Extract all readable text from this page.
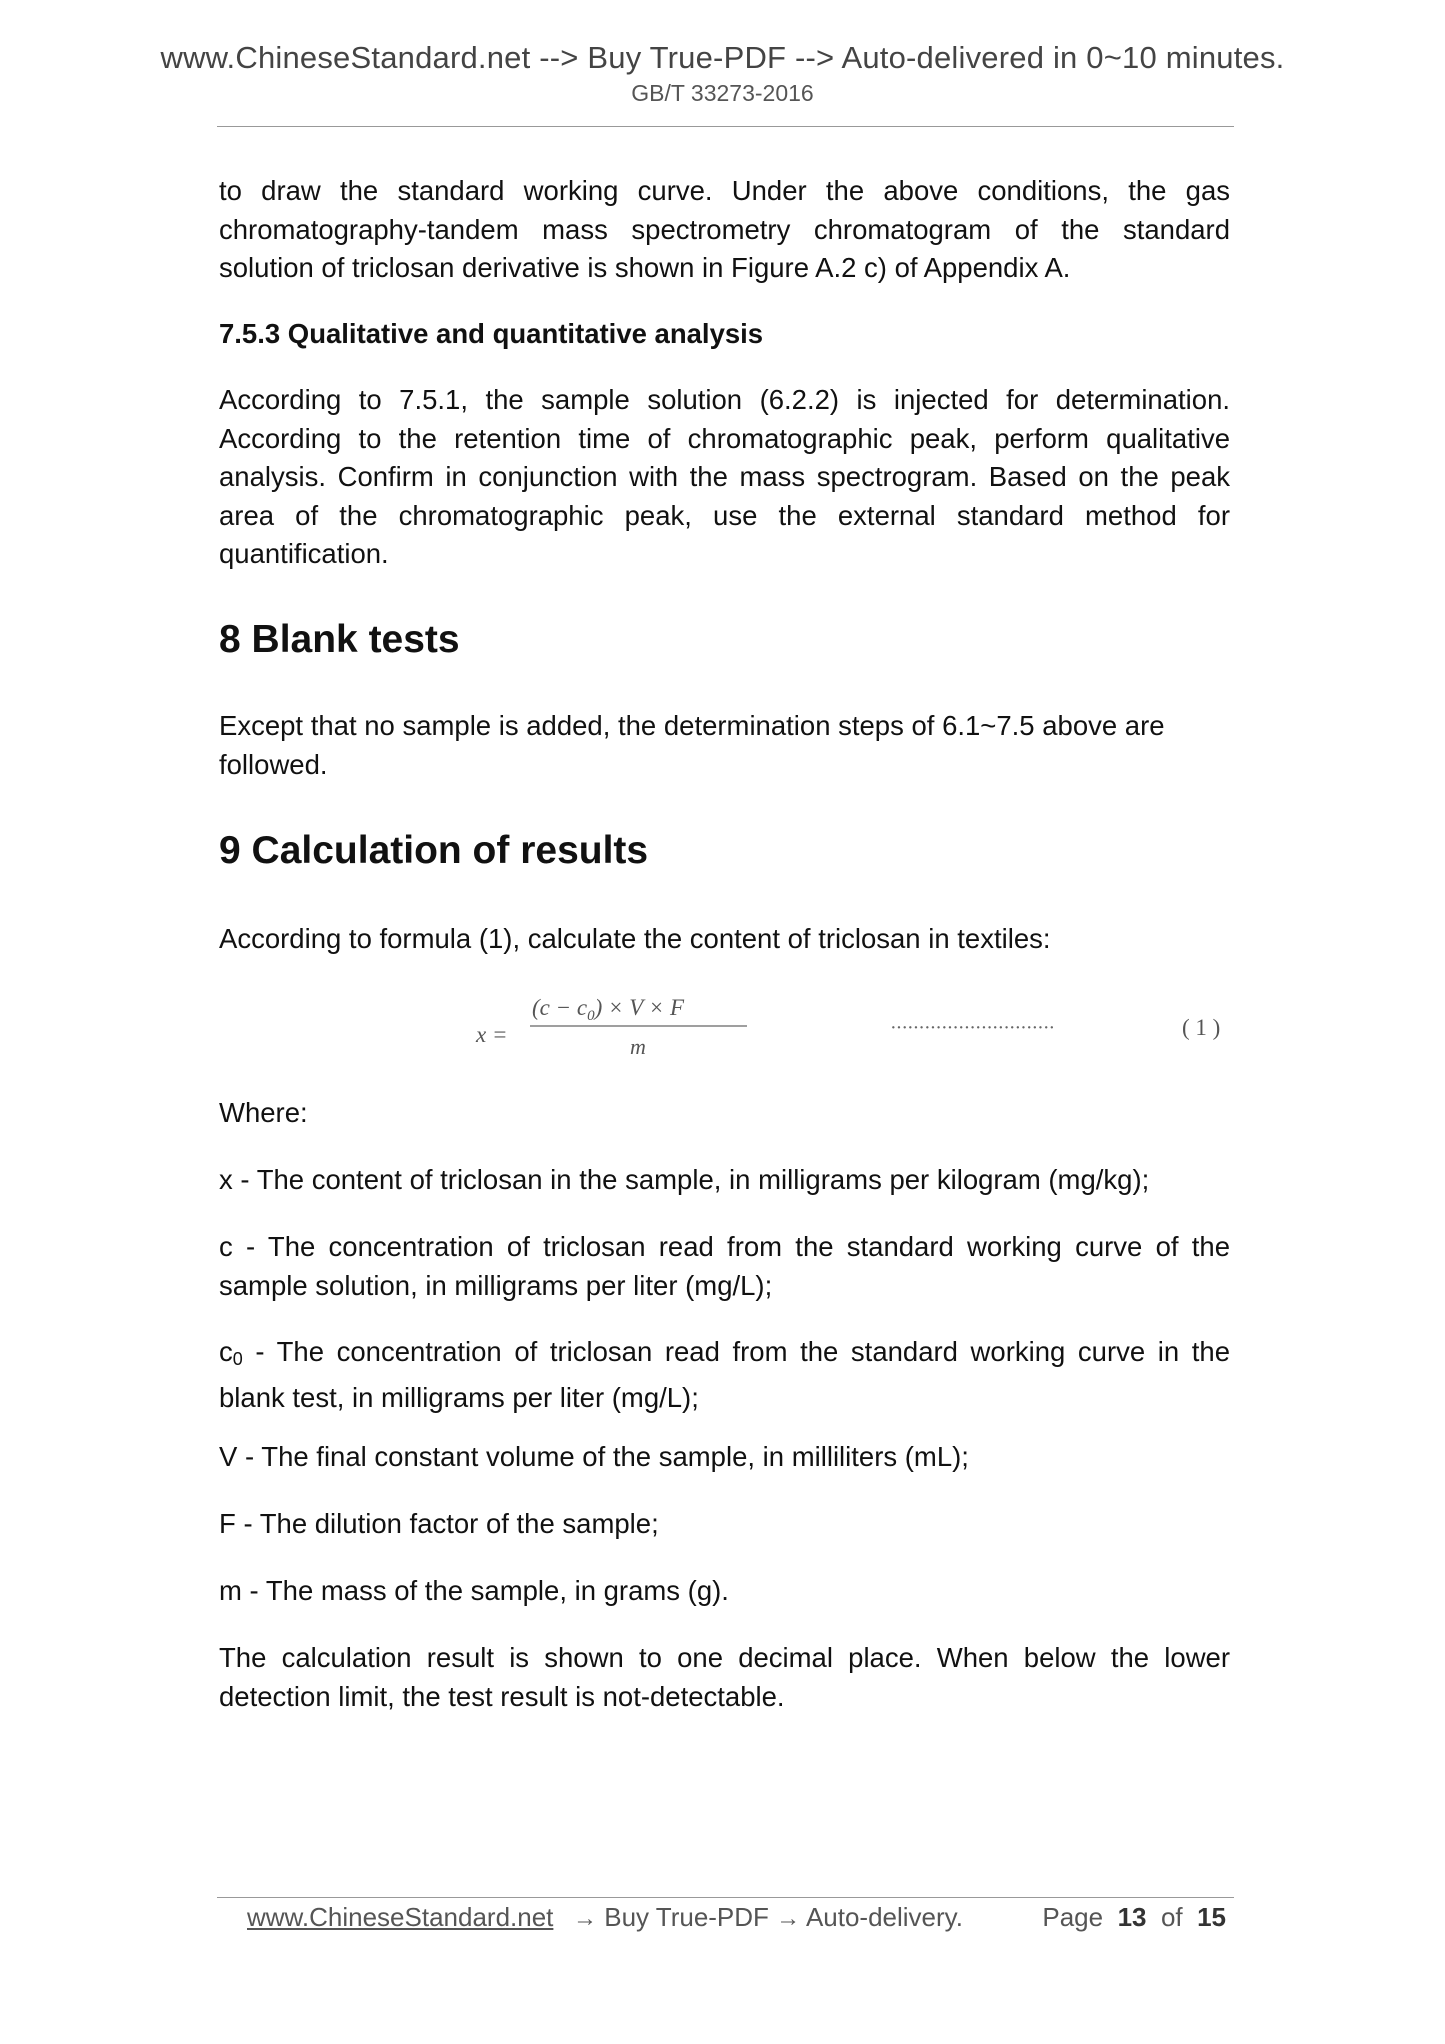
www.ChineseStandard.net --> Buy True-PDF --> Auto-delivered in 0~10 minutes.
GB/T 33273-2016

to draw the standard working curve. Under the above conditions, the gas chromatography-tandem mass spectrometry chromatogram of the standard solution of triclosan derivative is shown in Figure A.2 c) of Appendix A.

7.5.3 Qualitative and quantitative analysis

According to 7.5.1, the sample solution (6.2.2) is injected for determination. According to the retention time of chromatographic peak, perform qualitative analysis. Confirm in conjunction with the mass spectrogram. Based on the peak area of the chromatographic peak, use the external standard method for quantification.

8 Blank tests

Except that no sample is added, the determination steps of 6.1~7.5 above are followed.

9 Calculation of results

According to formula (1), calculate the content of triclosan in textiles:

x =
$(c - c_0) \times V \times F$
m
·····························	( 1 )

Where:

x - The content of triclosan in the sample, in milligrams per kilogram (mg/kg);

c - The concentration of triclosan read from the standard working curve of the sample solution, in milligrams per liter (mg/L);

$c_0$ - The concentration of triclosan read from the standard working curve in the blank test, in milligrams per liter (mg/L);

V - The final constant volume of the sample, in milliliters (mL);

F - The dilution factor of the sample;

m - The mass of the sample, in grams (g).

The calculation result is shown to one decimal place. When below the lower detection limit, the test result is not-detectable.

www.ChineseStandard.net → Buy True-PDF → Auto-delivery.	Page 13 of 15
